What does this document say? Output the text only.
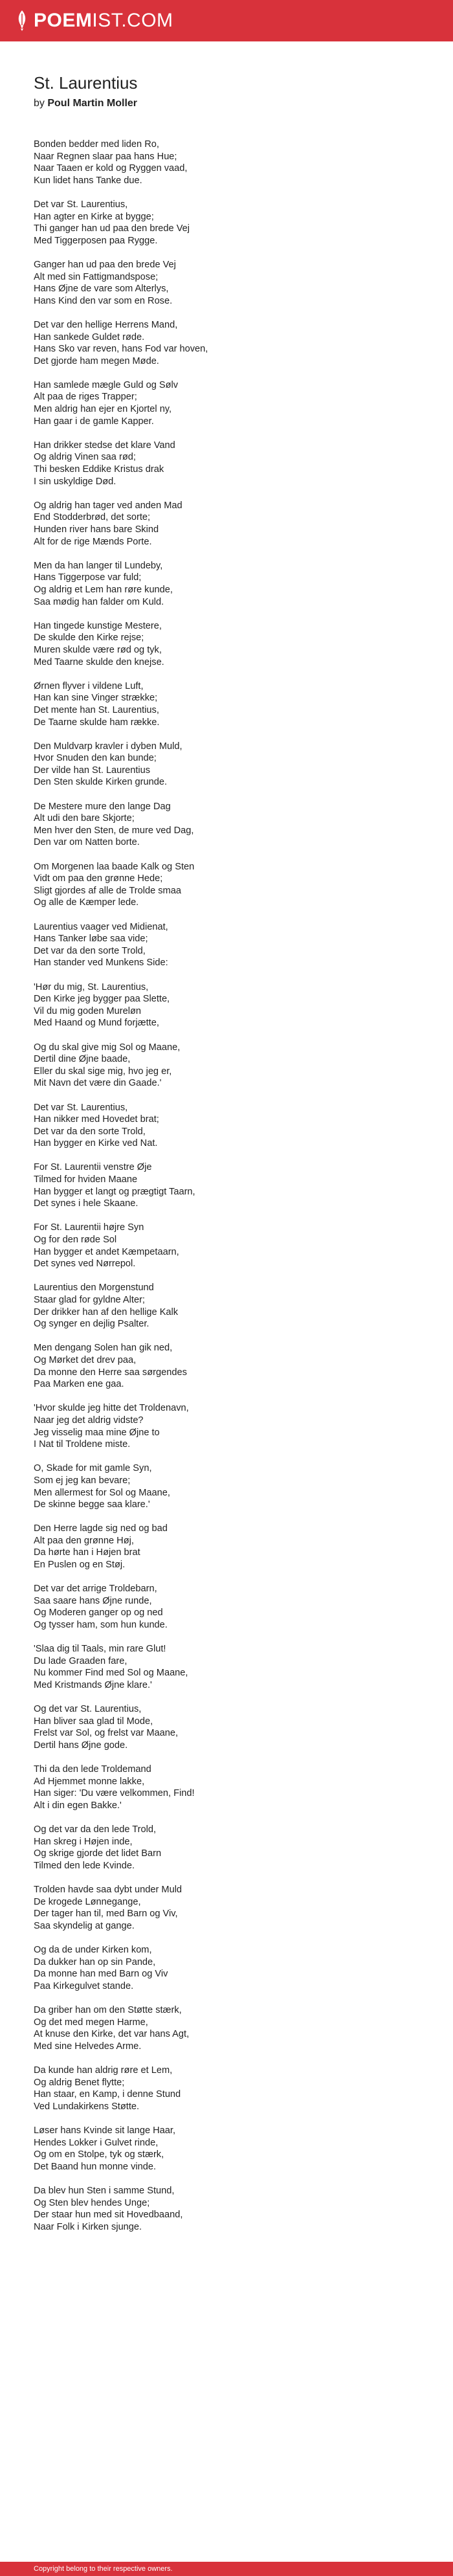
POEM IST.COM
St. Laurentius
by Poul Martin Moller
Bonden bedder med liden Ro,
Naar Regnen slaar paa hans Hue;
Naar Taaen er kold og Ryggen vaad,
Kun lidet hans Tanke due.
Det var St. Laurentius,
Han agter en Kirke at bygge;
Thi ganger han ud paa den brede Vej
Med Tiggerposen paa Rygge.
Ganger han ud paa den brede Vej
Alt med sin Fattigmandspose;
Hans Øjne de vare som Alterlys,
Hans Kind den var som en Rose.
Det var den hellige Herrens Mand,
Han sankede Guldet røde.
Hans Sko var reven, hans Fod var hoven,
Det gjorde ham megen Møde.
Han samlede mægle Guld og Sølv
Alt paa de riges Trapper;
Men aldrig han ejer en Kjortel ny,
Han gaar i de gamle Kapper.
Han drikker stedse det klare Vand
Og aldrig Vinen saa rød;
Thi besken Eddike Kristus drak
I sin uskyldige Død.
Og aldrig han tager ved anden Mad
End Stodderbrød, det sorte;
Hunden river hans bare Skind
Alt for de rige Mænds Porte.
Men da han langer til Lundeby,
Hans Tiggerpose var fuld;
Og aldrig et Lem han røre kunde,
Saa mødig han falder om Kuld.
Han tingede kunstige Mestere,
De skulde den Kirke rejse;
Muren skulde være rød og tyk,
Med Taarne skulde den knejse.
Ørnen flyver i vildene Luft,
Han kan sine Vinger strække;
Det mente han St. Laurentius,
De Taarne skulde ham række.
Den Muldvarp kravler i dyben Muld,
Hvor Snuden den kan bunde;
Der vilde han St. Laurentius
Den Sten skulde Kirken grunde.
De Mestere mure den lange Dag
Alt udi den bare Skjorte;
Men hver den Sten, de mure ved Dag,
Den var om Natten borte.
Om Morgenen laa baade Kalk og Sten
Vidt om paa den grønne Hede;
Sligt gjordes af alle de Trolde smaa
Og alle de Kæmper lede.
Laurentius vaager ved Midienat,
Hans Tanker løbe saa vide;
Det var da den sorte Trold,
Han stander ved Munkens Side:
'Hør du mig, St. Laurentius,
Den Kirke jeg bygger paa Slette,
Vil du mig goden Mureløn
Med Haand og Mund forjætte,
Og du skal give mig Sol og Maane,
Dertil dine Øjne baade,
Eller du skal sige mig, hvo jeg er,
Mit Navn det være din Gaade.'
Det var St. Laurentius,
Han nikker med Hovedet brat;
Det var da den sorte Trold,
Han bygger en Kirke ved Nat.
For St. Laurentii venstre Øje
Tilmed for hviden Maane
Han bygger et langt og prægtigt Taarn,
Det synes i hele Skaane.
For St. Laurentii højre Syn
Og for den røde Sol
Han bygger et andet Kæmpetaarn,
Det synes ved Nørrepol.
Laurentius den Morgenstund
Staar glad for gyldne Alter;
Der drikker han af den hellige Kalk
Og synger en dejlig Psalter.
Men dengang Solen han gik ned,
Og Mørket det drev paa,
Da monne den Herre saa sørgendes
Paa Marken ene gaa.
'Hvor skulde jeg hitte det Troldenavn,
Naar jeg det aldrig vidste?
Jeg visselig maa mine Øjne to
I Nat til Troldene miste.
O, Skade for mit gamle Syn,
Som ej jeg kan bevare;
Men allermest for Sol og Maane,
De skinne begge saa klare.'
Den Herre lagde sig ned og bad
Alt paa den grønne Høj,
Da hørte han i Højen brat
En Puslen og en Støj.
Det var det arrige Troldebarn,
Saa saare hans Øjne runde,
Og Moderen ganger op og ned
Og tysser ham, som hun kunde.
'Slaa dig til Taals, min rare Glut!
Du lade Graaden fare,
Nu kommer Find med Sol og Maane,
Med Kristmands Øjne klare.'
Og det var St. Laurentius,
Han bliver saa glad til Mode,
Frelst var Sol, og frelst var Maane,
Dertil hans Øjne gode.
Thi da den lede Troldemand
Ad Hjemmet monne lakke,
Han siger: 'Du være velkommen, Find!
Alt i din egen Bakke.'
Og det var da den lede Trold,
Han skreg i Højen inde,
Og skrige gjorde det lidet Barn
Tilmed den lede Kvinde.
Trolden havde saa dybt under Muld
De krogede Lønnegange,
Der tager han til, med Barn og Viv,
Saa skyndelig at gange.
Og da de under Kirken kom,
Da dukker han op sin Pande,
Da monne han med Barn og Viv
Paa Kirkegulvet stande.
Da griber han om den Støtte stærk,
Og det med megen Harme,
At knuse den Kirke, det var hans Agt,
Med sine Helvedes Arme.
Da kunde han aldrig røre et Lem,
Og aldrig Benet flytte;
Han staar, en Kamp, i denne Stund
Ved Lundakirkens Støtte.
Løser hans Kvinde sit lange Haar,
Hendes Lokker i Gulvet rinde,
Og om en Stolpe, tyk og stærk,
Det Baand hun monne vinde.
Da blev hun Sten i samme Stund,
Og Sten blev hendes Unge;
Der staar hun med sit Hovedbaand,
Naar Folk i Kirken sjunge.
Copyright belong to their respective owners.
